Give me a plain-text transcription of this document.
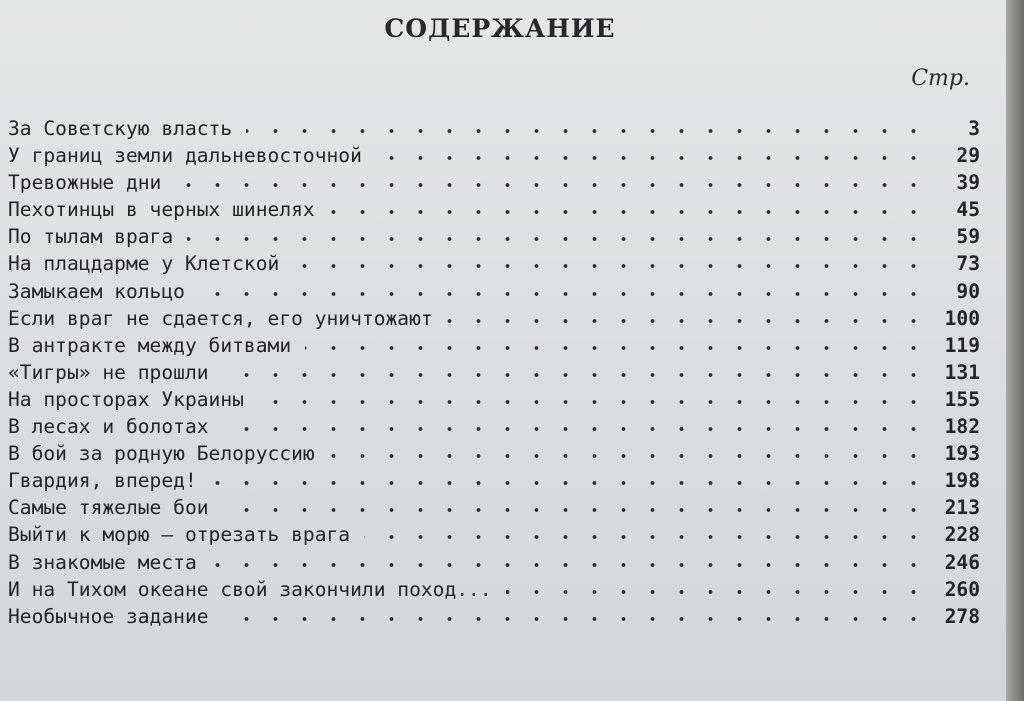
СОДЕРЖАНИЕ
Стр.
За Советскую власть	3
У границ земли дальневосточной	29
Тревожные дни	39
Пехотинцы в черных шинелях	45
По тылам врага	59
На плацдарме у Клетской	73
Замыкаем кольцо	90
Если враг не сдается, его уничтожают	100
В антракте между битвами	119
«Тигры» не прошли	131
На просторах Украины	155
В лесах и болотах	182
В бой за родную Белоруссию	193
Гвардия, вперед!	198
Самые тяжелые бои	213
Выйти к морю — отрезать врага	228
В знакомые места	246
И на Тихом океане свой закончили поход...	260
Необычное задание	278
